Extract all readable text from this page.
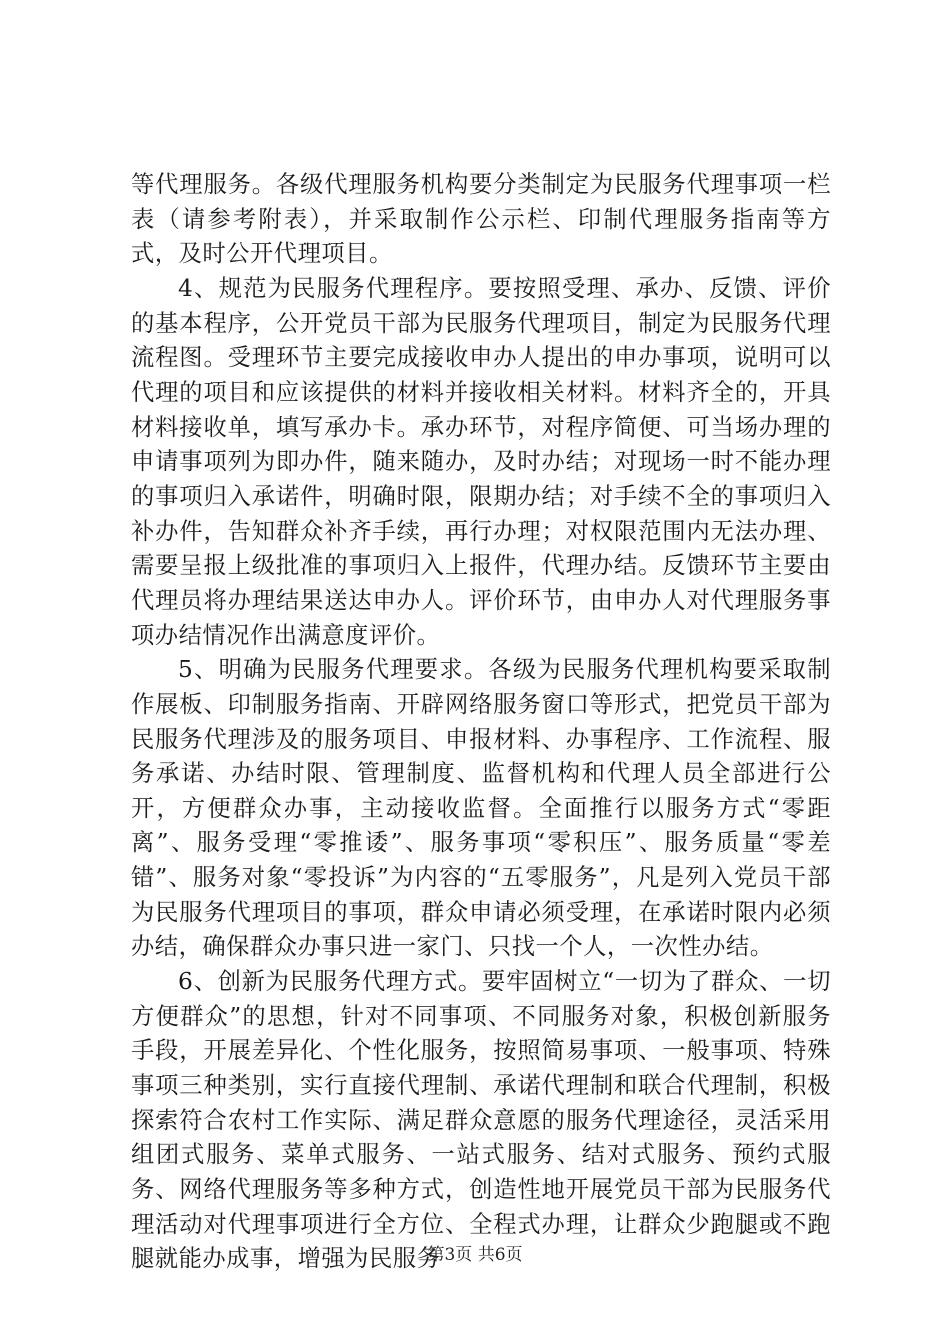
等代理服务。各级代理服务机构要分类制定为民服务代理事项一栏表（请参考附表），并采取制作公示栏、印制代理服务指南等方式，及时公开代理项目。

4、规范为民服务代理程序。要按照受理、承办、反馈、评价的基本程序，公开党员干部为民服务代理项目，制定为民服务代理流程图。受理环节主要完成接收申办人提出的申办事项，说明可以代理的项目和应该提供的材料并接收相关材料。材料齐全的，开具材料接收单，填写承办卡。承办环节，对程序简便、可当场办理的申请事项列为即办件，随来随办，及时办结；对现场一时不能办理的事项归入承诺件，明确时限，限期办结；对手续不全的事项归入补办件，告知群众补齐手续，再行办理；对权限范围内无法办理、需要呈报上级批准的事项归入上报件，代理办结。反馈环节主要由代理员将办理结果送达申办人。评价环节，由申办人对代理服务事项办结情况作出满意度评价。

5、明确为民服务代理要求。各级为民服务代理机构要采取制作展板、印制服务指南、开辟网络服务窗口等形式，把党员干部为民服务代理涉及的服务项目、申报材料、办事程序、工作流程、服务承诺、办结时限、管理制度、监督机构和代理人员全部进行公开，方便群众办事，主动接收监督。全面推行以服务方式“零距离”、服务受理“零推诿”、服务事项“零积压”、服务质量“零差错”、服务对象“零投诉”为内容的“五零服务”，凡是列入党员干部为民服务代理项目的事项，群众申请必须受理，在承诺时限内必须办结，确保群众办事只进一家门、只找一个人，一次性办结。

6、创新为民服务代理方式。要牢固树立“一切为了群众、一切方便群众”的思想，针对不同事项、不同服务对象，积极创新服务手段，开展差异化、个性化服务，按照简易事项、一般事项、特殊事项三种类别，实行直接代理制、承诺代理制和联合代理制，积极探索符合农村工作实际、满足群众意愿的服务代理途径，灵活采用组团式服务、菜单式服务、一站式服务、结对式服务、预约式服务、网络代理服务等多种方式，创造性地开展党员干部为民服务代理活动对代理事项进行全方位、全程式办理，让群众少跑腿或不跑腿就能办成事，增强为民服务

第3页 共6页
